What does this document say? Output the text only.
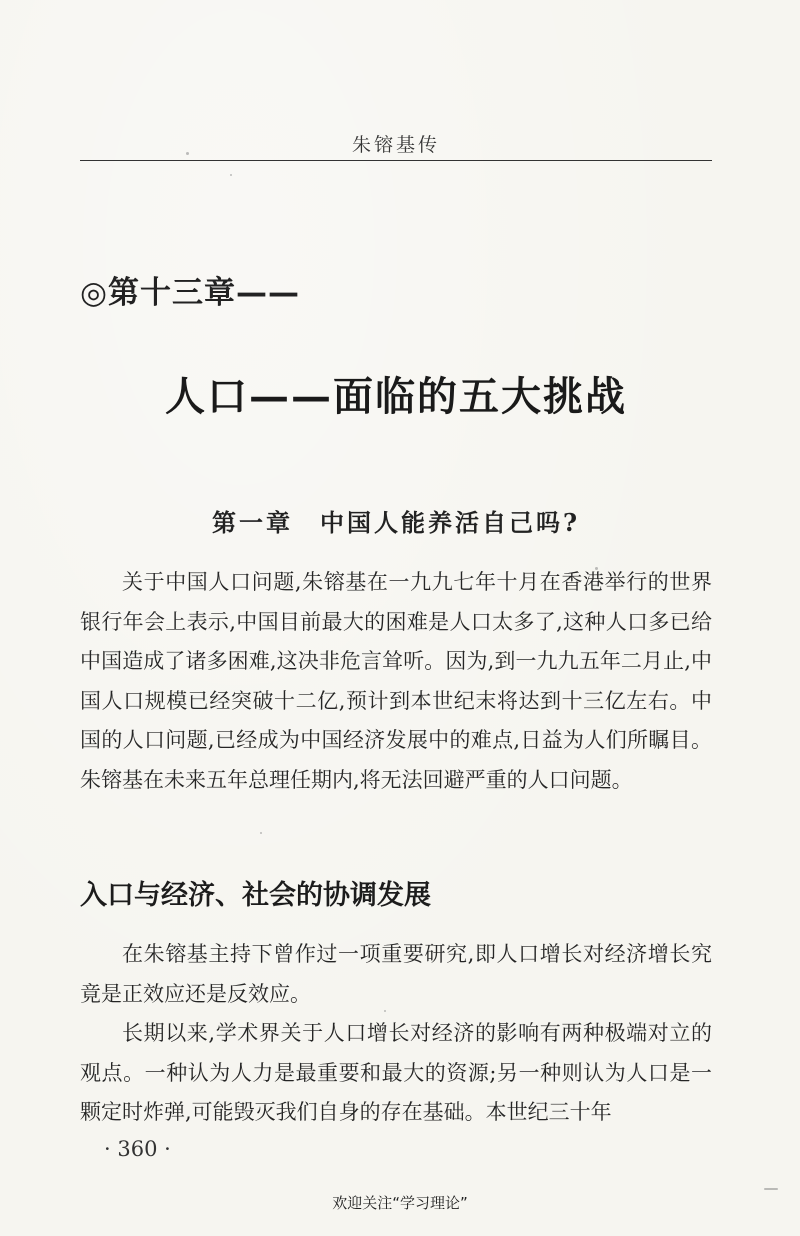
朱镕基传
◎第十三章——
人口——面临的五大挑战
第一章　中国人能养活自己吗?

关于中国人口问题,朱镕基在一九九七年十月在香港举行的世界银行年会上表示,中国目前最大的困难是人口太多了,这种人口多已给中国造成了诸多困难,这决非危言耸听。因为,到一九九五年二月止,中国人口规模已经突破十二亿,预计到本世纪末将达到十三亿左右。中国的人口问题,已经成为中国经济发展中的难点,日益为人们所瞩目。朱镕基在未来五年总理任期内,将无法回避严重的人口问题。

入口与经济、社会的协调发展

在朱镕基主持下曾作过一项重要研究,即人口增长对经济增长究竟是正效应还是反效应。

长期以来,学术界关于人口增长对经济的影响有两种极端对立的观点。一种认为人力是最重要和最大的资源;另一种则认为人口是一颗定时炸弹,可能毁灭我们自身的存在基础。本世纪三十年

· 360 ·
欢迎关注“学习理论”
